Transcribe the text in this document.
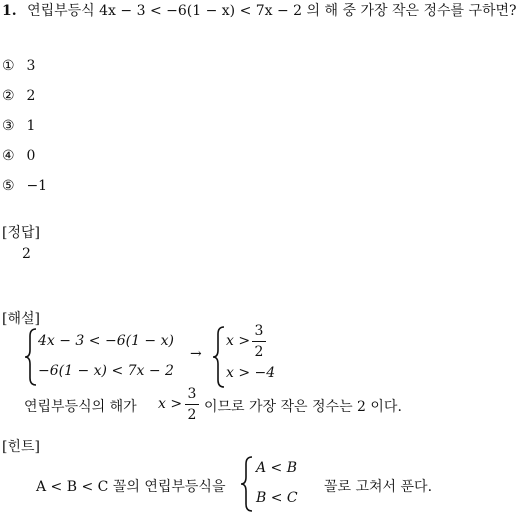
1. 연립부등식 4x − 3 < −6(1 − x) < 7x − 2 의 해 중 가장 작은 정수를 구하면?
① 3
② 2
③ 1
④ 0
⑤ −1
[정답]
2
[해설]
4x − 3 < −6(1 − x)
−6(1 − x) < 7x − 2
→
x >
3
2
x > −4
연립부등식의 해가 x >
3
2 이므로 가장 작은 정수는 2 이다.
[힌트]
A < B < C 꼴의 연립부등식을
A < B
B < C
꼴로 고쳐서 푼다.
